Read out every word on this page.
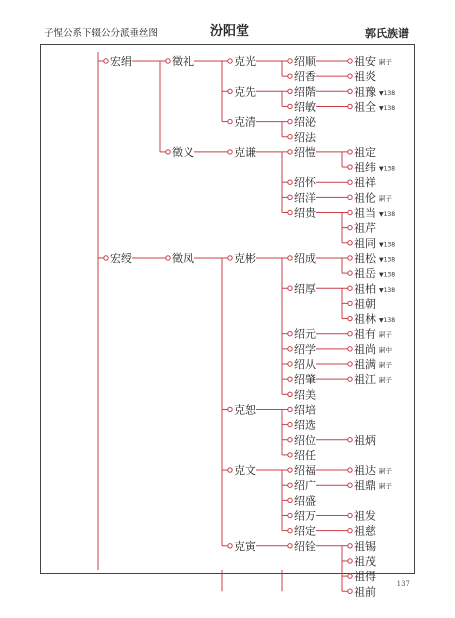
子惺公系下辍公分派垂丝图	汾阳堂	郭氏族谱
宏绢	徵礼	克光	绍顺	祖安 嗣子
绍香	祖炎
克先	绍階	祖豫 ▼138
绍敏	祖全 ▼138
克清	绍泌
绍法
徵义	克谦	绍愷	祖定
祖纬 ▼138
绍怀	祖祥
绍洋	祖伦 嗣子
绍贵	祖当 ▼138
祖芹
祖同 ▼138
宏绶	徵凤	克彬	绍成	祖松 ▼138
祖岳 ▼138
绍厚	祖柏 ▼138
祖朝
祖林 ▼138
绍元	祖有 嗣子
绍学	祖尚 嗣中
绍从	祖满 嗣子
绍肇	祖江 嗣子
绍美
克恕	绍培
绍选
绍位	祖炳
绍任
克文	绍福	祖达 嗣子
绍广	祖鼎 嗣子
绍盛
绍万	祖发
绍定	祖慈
克寅	绍铨	祖锡
祖茂
祖得
祖前
137
